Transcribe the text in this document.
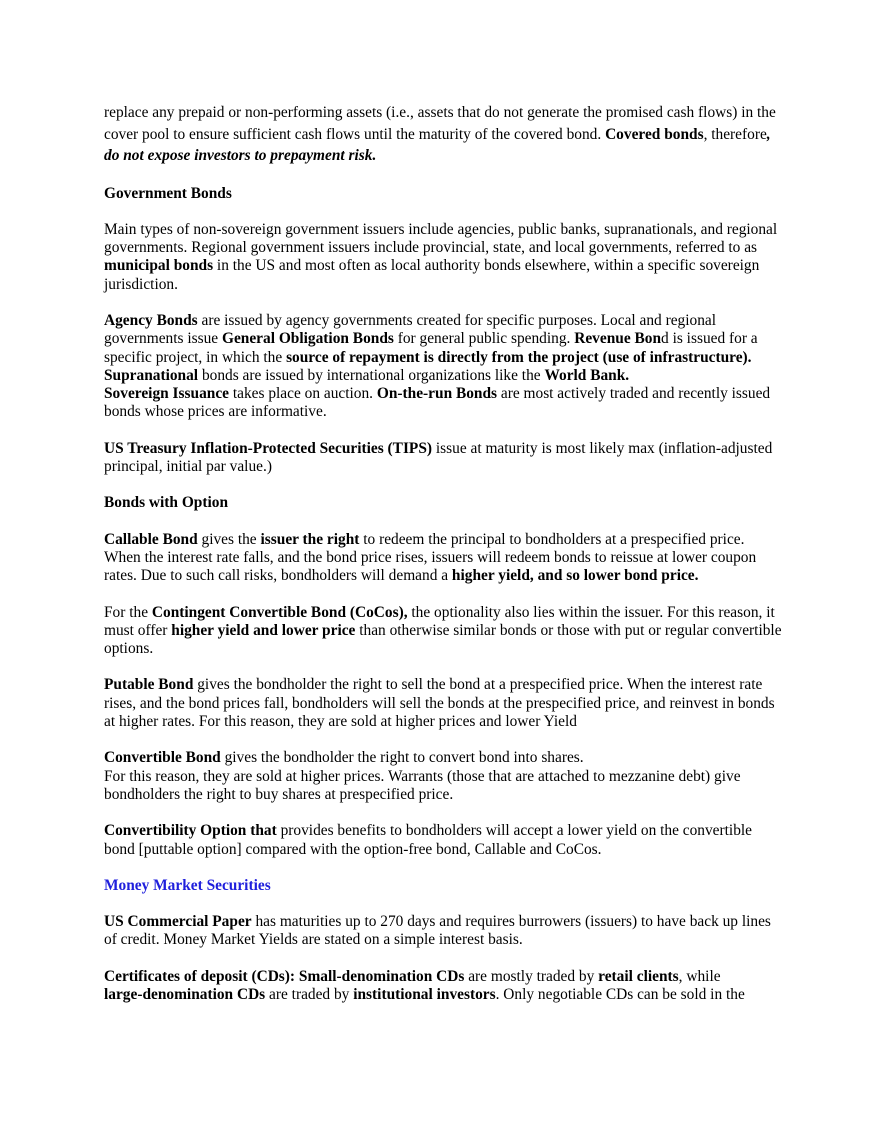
replace any prepaid or non-performing assets (i.e., assets that do not generate the promised cash flows) in the cover pool to ensure sufficient cash flows until the maturity of the covered bond. Covered bonds, therefore, do not expose investors to prepayment risk.

Government Bonds

Main types of non-sovereign government issuers include agencies, public banks, supranationals, and regional governments. Regional government issuers include provincial, state, and local governments, referred to as municipal bonds in the US and most often as local authority bonds elsewhere, within a specific sovereign jurisdiction.

Agency Bonds are issued by agency governments created for specific purposes. Local and regional governments issue General Obligation Bonds for general public spending. Revenue Bond is issued for a specific project, in which the source of repayment is directly from the project (use of infrastructure).
Supranational bonds are issued by international organizations like the World Bank.
Sovereign Issuance takes place on auction. On-the-run Bonds are most actively traded and recently issued bonds whose prices are informative.

US Treasury Inflation-Protected Securities (TIPS) issue at maturity is most likely max (inflation-adjusted principal, initial par value.)

Bonds with Option

Callable Bond gives the issuer the right to redeem the principal to bondholders at a prespecified price. When the interest rate falls, and the bond price rises, issuers will redeem bonds to reissue at lower coupon rates. Due to such call risks, bondholders will demand a higher yield, and so lower bond price.

For the Contingent Convertible Bond (CoCos), the optionality also lies within the issuer. For this reason, it must offer higher yield and lower price than otherwise similar bonds or those with put or regular convertible options.

Putable Bond gives the bondholder the right to sell the bond at a prespecified price. When the interest rate rises, and the bond prices fall, bondholders will sell the bonds at the prespecified price, and reinvest in bonds at higher rates. For this reason, they are sold at higher prices and lower Yield

Convertible Bond gives the bondholder the right to convert bond into shares.
For this reason, they are sold at higher prices. Warrants (those that are attached to mezzanine debt) give bondholders the right to buy shares at prespecified price.

Convertibility Option that provides benefits to bondholders will accept a lower yield on the convertible bond [puttable option] compared with the option-free bond, Callable and CoCos.

Money Market Securities

US Commercial Paper has maturities up to 270 days and requires burrowers (issuers) to have back up lines of credit. Money Market Yields are stated on a simple interest basis.

Certificates of deposit (CDs): Small-denomination CDs are mostly traded by retail clients, while
large-denomination CDs are traded by institutional investors. Only negotiable CDs can be sold in the
